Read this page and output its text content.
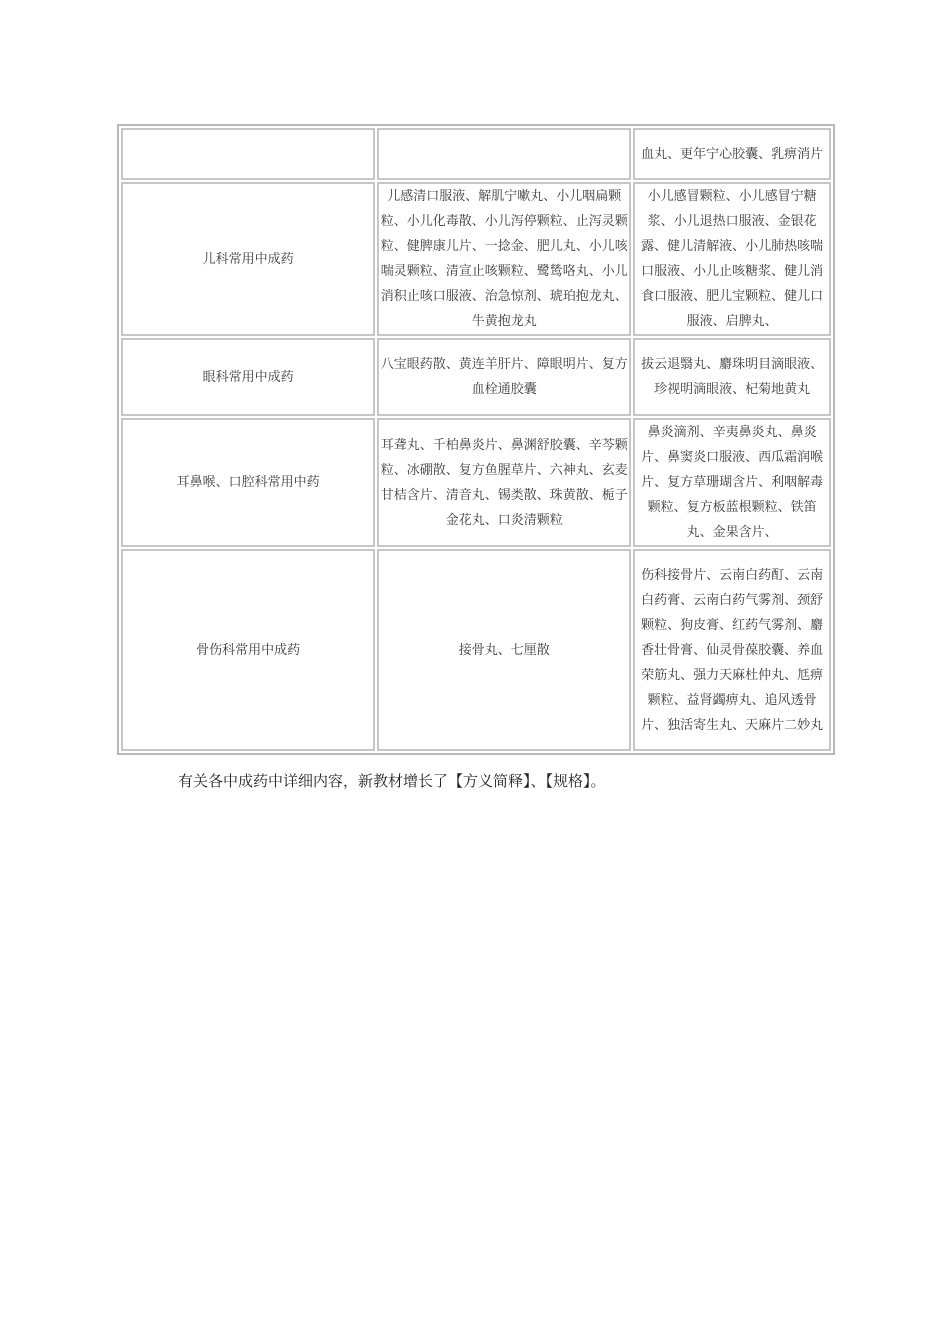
		血丸、更年宁心胶囊、乳痹消片

儿科常用中成药	儿感清口服液、解肌宁嗽丸、小儿咽扁颗粒、小儿化毒散、小儿泻停颗粒、止泻灵颗粒、健脾康儿片、一捻金、肥儿丸、小儿咳喘灵颗粒、清宣止咳颗粒、鹭鸶咯丸、小儿消积止咳口服液、治急惊剂、琥珀抱龙丸、牛黄抱龙丸	小儿感冒颗粒、小儿感冒宁糖浆、小儿退热口服液、金银花露、健儿清解液、小儿肺热咳喘口服液、小儿止咳糖浆、健儿消食口服液、肥儿宝颗粒、健儿口服液、启脾丸、

眼科常用中成药	八宝眼药散、黄连羊肝片、障眼明片、复方血栓通胶囊	拔云退翳丸、麝珠明目滴眼液、珍视明滴眼液、杞菊地黄丸

耳鼻喉、口腔科常用中药	耳聋丸、千柏鼻炎片、鼻渊舒胶囊、辛芩颗粒、冰硼散、复方鱼腥草片、六神丸、玄麦甘桔含片、清音丸、锡类散、珠黄散、栀子金花丸、口炎清颗粒	鼻炎滴剂、辛夷鼻炎丸、鼻炎片、鼻窦炎口服液、西瓜霜润喉片、复方草珊瑚含片、利咽解毒颗粒、复方板蓝根颗粒、铁笛丸、金果含片、

骨伤科常用中成药	接骨丸、七厘散	伤科接骨片、云南白药酊、云南白药膏、云南白药气雾剂、颈舒颗粒、狗皮膏、红药气雾剂、麝香壮骨膏、仙灵骨葆胶囊、养血荣筋丸、强力天麻杜仲丸、尪痹颗粒、益肾蠲痹丸、追风透骨片、独活寄生丸、天麻片二妙丸
有关各中成药中详细内容，新教材增长了【方义简释】、【规格】。
